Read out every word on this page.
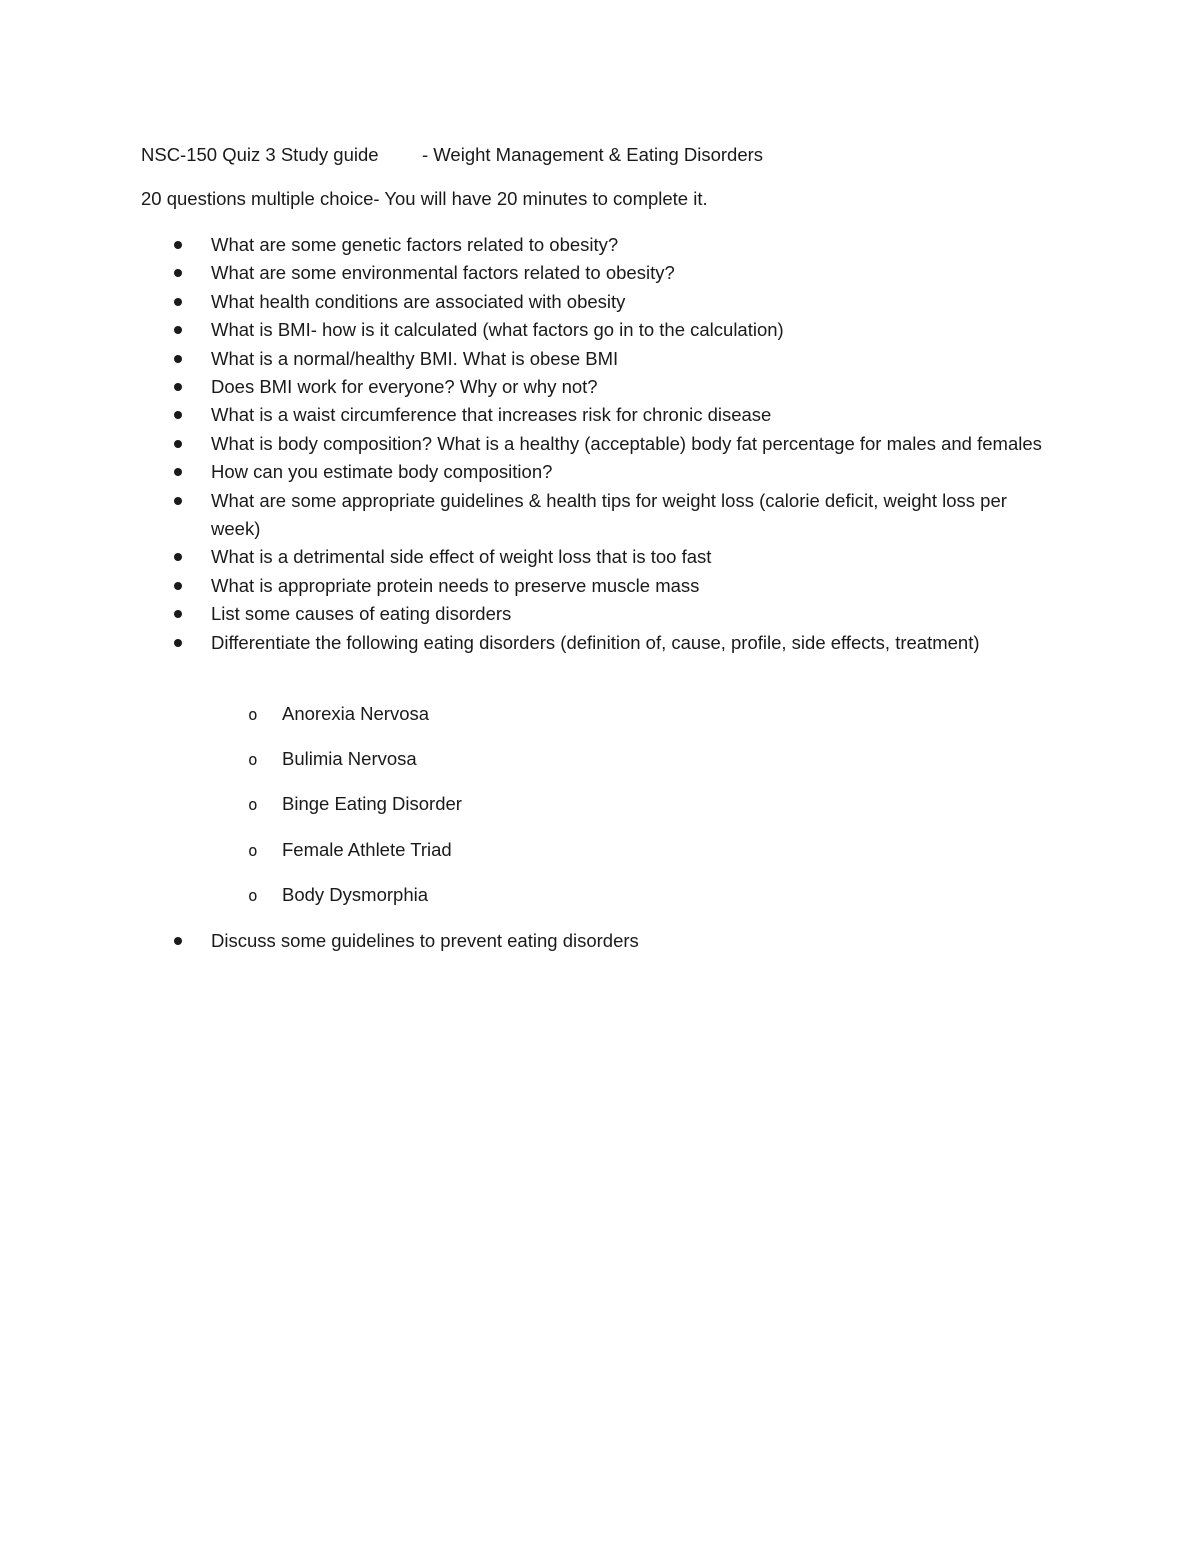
NSC-150 Quiz 3 Study guide - Weight Management & Eating Disorders
20 questions multiple choice- You will have 20 minutes to complete it.
What are some genetic factors related to obesity?
What are some environmental factors related to obesity?
What health conditions are associated with obesity
What is BMI- how is it calculated (what factors go in to the calculation)
What is a normal/healthy BMI. What is obese BMI
Does BMI work for everyone? Why or why not?
What is a waist circumference that increases risk for chronic disease
What is body composition? What is a healthy (acceptable) body fat percentage for males and females
How can you estimate body composition?
What are some appropriate guidelines & health tips for weight loss (calorie deficit, weight loss per week)
What is a detrimental side effect of weight loss that is too fast
What is appropriate protein needs to preserve muscle mass
List some causes of eating disorders
Differentiate the following eating disorders (definition of, cause, profile, side effects, treatment)
o Anorexia Nervosa
o Bulimia Nervosa
o Binge Eating Disorder
o Female Athlete Triad
o Body Dysmorphia
Discuss some guidelines to prevent eating disorders
